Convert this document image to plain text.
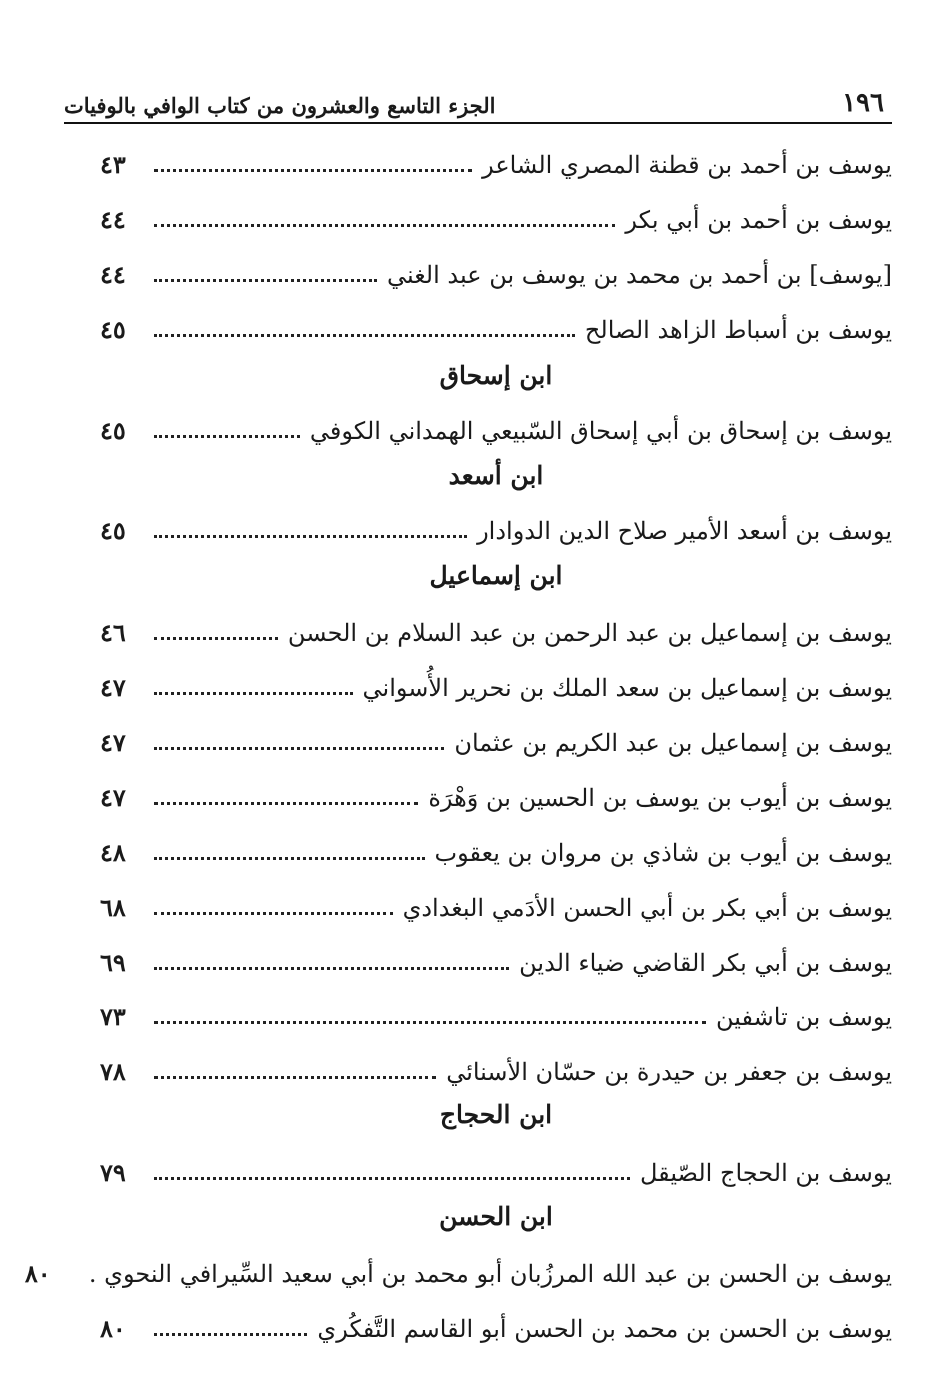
١٩٦
الجزء التاسع والعشرون من كتاب الوافي بالوفيات
يوسف بن أحمد بن قطنة المصري الشاعر
٤٣
يوسف بن أحمد بن أبي بكر
٤٤
[يوسف] بن أحمد بن محمد بن يوسف بن عبد الغني
٤٤
يوسف بن أسباط الزاهد الصالح
٤٥
ابن إسحاق
يوسف بن إسحاق بن أبي إسحاق السّبيعي الهمداني الكوفي
٤٥
ابن أسعد
يوسف بن أسعد الأمير صلاح الدين الدوادار
٤٥
ابن إسماعيل
يوسف بن إسماعيل بن عبد الرحمن بن عبد السلام بن الحسن
٤٦
يوسف بن إسماعيل بن سعد الملك بن نحرير الأُسواني
٤٧
يوسف بن إسماعيل بن عبد الكريم بن عثمان
٤٧
يوسف بن أيوب بن يوسف بن الحسين بن وَهْرَة
٤٧
يوسف بن أيوب بن شاذي بن مروان بن يعقوب
٤٨
يوسف بن أبي بكر بن أبي الحسن الأدَمي البغدادي
٦٨
يوسف بن أبي بكر القاضي ضياء الدين
٦٩
يوسف بن تاشفين
٧٣
يوسف بن جعفر بن حيدرة بن حسّان الأسنائي
٧٨
ابن الحجاج
يوسف بن الحجاج الصّيقل
٧٩
ابن الحسن
يوسف بن الحسن بن عبد الله المرزُبان أبو محمد بن أبي سعيد السِّيرافي النحوي .
٨٠
يوسف بن الحسن بن محمد بن الحسن أبو القاسم التَّفكُري
٨٠
